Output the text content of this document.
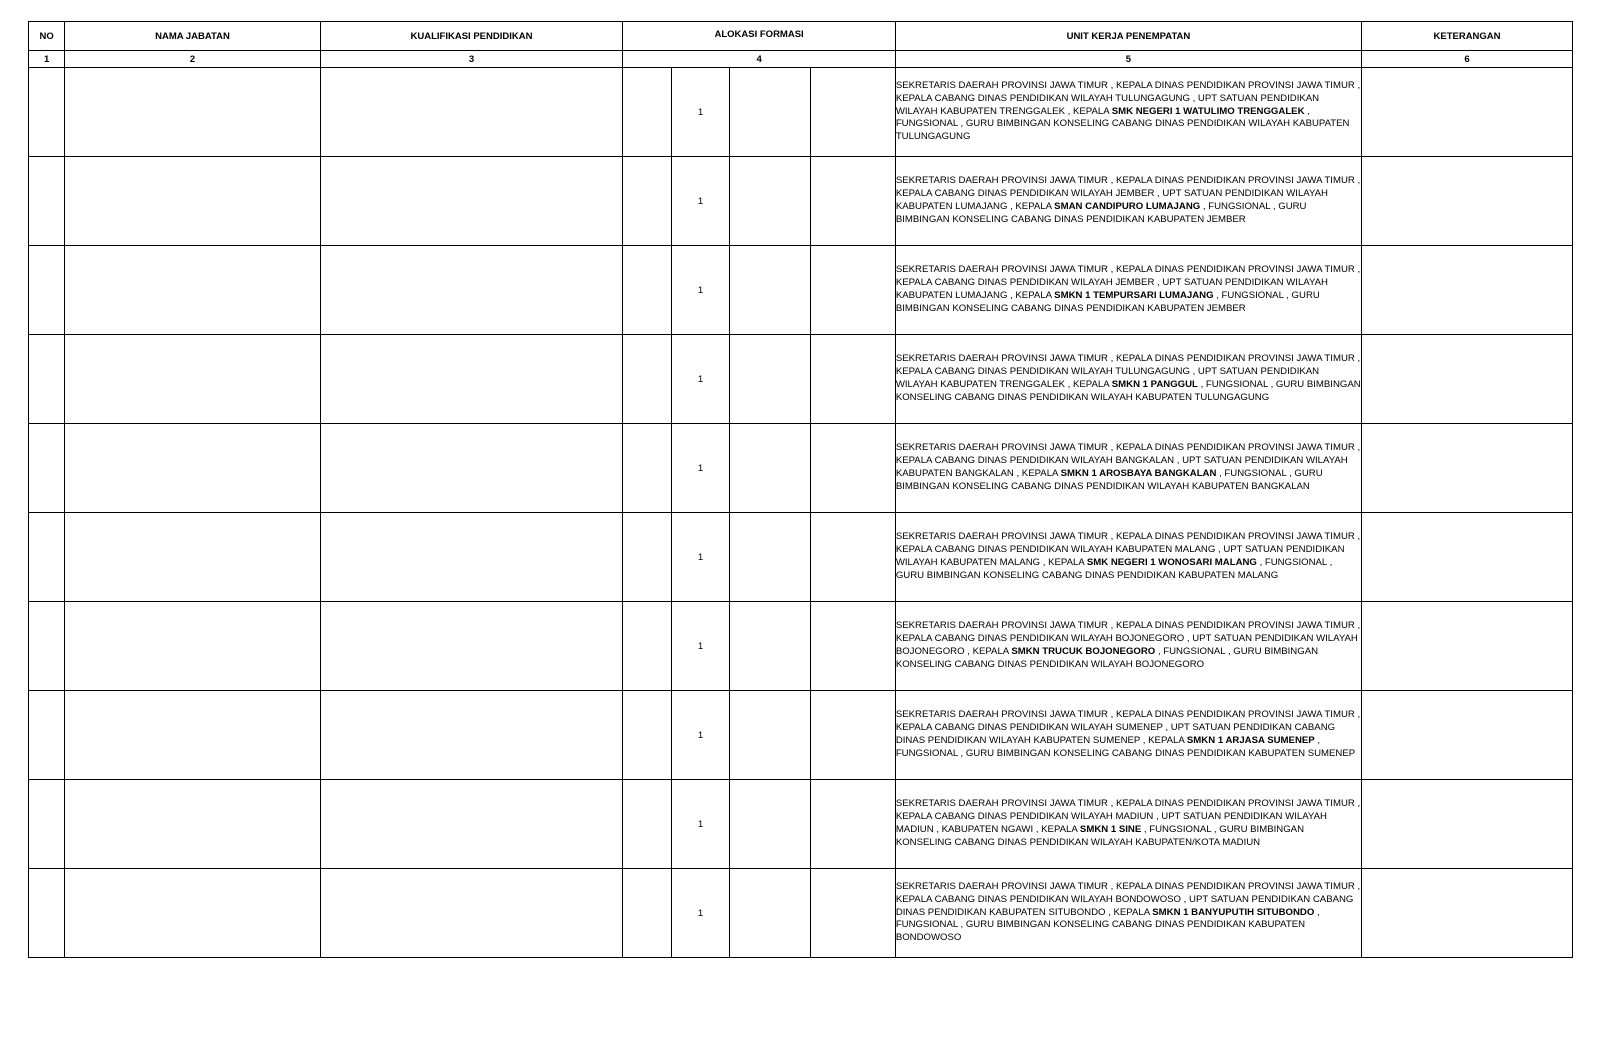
NO	NAMA JABATAN	KUALIFIKASI PENDIDIKAN	ALOKASI FORMASI				UNIT KERJA PENEMPATAN	KETERANGAN
1	2	3	4				5	6
				1			SEKRETARIS DAERAH PROVINSI JAWA TIMUR , KEPALA DINAS PENDIDIKAN PROVINSI JAWA TIMUR , KEPALA CABANG DINAS PENDIDIKAN WILAYAH TULUNGAGUNG , UPT SATUAN PENDIDIKAN WILAYAH KABUPATEN TRENGGALEK , KEPALA SMK NEGERI 1 WATULIMO TRENGGALEK , FUNGSIONAL , GURU BIMBINGAN KONSELING CABANG DINAS PENDIDIKAN WILAYAH KABUPATEN TULUNGAGUNG	
				1			SEKRETARIS DAERAH PROVINSI JAWA TIMUR , KEPALA DINAS PENDIDIKAN PROVINSI JAWA TIMUR , KEPALA CABANG DINAS PENDIDIKAN WILAYAH JEMBER , UPT SATUAN PENDIDIKAN WILAYAH KABUPATEN LUMAJANG , KEPALA SMAN CANDIPURO LUMAJANG , FUNGSIONAL , GURU BIMBINGAN KONSELING CABANG DINAS PENDIDIKAN KABUPATEN JEMBER	
				1			SEKRETARIS DAERAH PROVINSI JAWA TIMUR , KEPALA DINAS PENDIDIKAN PROVINSI JAWA TIMUR , KEPALA CABANG DINAS PENDIDIKAN WILAYAH JEMBER , UPT SATUAN PENDIDIKAN WILAYAH KABUPATEN LUMAJANG , KEPALA SMKN 1 TEMPURSARI LUMAJANG , FUNGSIONAL , GURU BIMBINGAN KONSELING CABANG DINAS PENDIDIKAN KABUPATEN JEMBER	
				1			SEKRETARIS DAERAH PROVINSI JAWA TIMUR , KEPALA DINAS PENDIDIKAN PROVINSI JAWA TIMUR , KEPALA CABANG DINAS PENDIDIKAN WILAYAH TULUNGAGUNG , UPT SATUAN PENDIDIKAN WILAYAH KABUPATEN TRENGGALEK , KEPALA SMKN 1 PANGGUL , FUNGSIONAL , GURU BIMBINGAN KONSELING CABANG DINAS PENDIDIKAN WILAYAH KABUPATEN TULUNGAGUNG	
				1			SEKRETARIS DAERAH PROVINSI JAWA TIMUR , KEPALA DINAS PENDIDIKAN PROVINSI JAWA TIMUR , KEPALA CABANG DINAS PENDIDIKAN WILAYAH BANGKALAN , UPT SATUAN PENDIDIKAN WILAYAH KABUPATEN BANGKALAN , KEPALA SMKN 1 AROSBAYA BANGKALAN , FUNGSIONAL , GURU BIMBINGAN KONSELING CABANG DINAS PENDIDIKAN WILAYAH KABUPATEN BANGKALAN	
				1			SEKRETARIS DAERAH PROVINSI JAWA TIMUR , KEPALA DINAS PENDIDIKAN PROVINSI JAWA TIMUR , KEPALA CABANG DINAS PENDIDIKAN WILAYAH KABUPATEN MALANG , UPT SATUAN PENDIDIKAN WILAYAH KABUPATEN MALANG , KEPALA SMK NEGERI 1 WONOSARI MALANG , FUNGSIONAL , GURU BIMBINGAN KONSELING CABANG DINAS PENDIDIKAN KABUPATEN MALANG	
				1			SEKRETARIS DAERAH PROVINSI JAWA TIMUR , KEPALA DINAS PENDIDIKAN PROVINSI JAWA TIMUR , KEPALA CABANG DINAS PENDIDIKAN WILAYAH BOJONEGORO , UPT SATUAN PENDIDIKAN WILAYAH BOJONEGORO , KEPALA SMKN TRUCUK BOJONEGORO , FUNGSIONAL , GURU BIMBINGAN KONSELING CABANG DINAS PENDIDIKAN WILAYAH BOJONEGORO	
				1			SEKRETARIS DAERAH PROVINSI JAWA TIMUR , KEPALA DINAS PENDIDIKAN PROVINSI JAWA TIMUR , KEPALA CABANG DINAS PENDIDIKAN WILAYAH SUMENEP , UPT SATUAN PENDIDIKAN CABANG DINAS PENDIDIKAN WILAYAH KABUPATEN SUMENEP , KEPALA SMKN 1 ARJASA SUMENEP , FUNGSIONAL , GURU BIMBINGAN KONSELING CABANG DINAS PENDIDIKAN KABUPATEN SUMENEP	
				1			SEKRETARIS DAERAH PROVINSI JAWA TIMUR , KEPALA DINAS PENDIDIKAN PROVINSI JAWA TIMUR , KEPALA CABANG DINAS PENDIDIKAN WILAYAH MADIUN , UPT SATUAN PENDIDIKAN WILAYAH MADIUN , KABUPATEN NGAWI , KEPALA SMKN 1 SINE , FUNGSIONAL , GURU BIMBINGAN KONSELING CABANG DINAS PENDIDIKAN WILAYAH KABUPATEN/KOTA MADIUN	
				1			SEKRETARIS DAERAH PROVINSI JAWA TIMUR , KEPALA DINAS PENDIDIKAN PROVINSI JAWA TIMUR , KEPALA CABANG DINAS PENDIDIKAN WILAYAH BONDOWOSO , UPT SATUAN PENDIDIKAN CABANG DINAS PENDIDIKAN KABUPATEN SITUBONDO , KEPALA SMKN 1 BANYUPUTIH SITUBONDO , FUNGSIONAL , GURU BIMBINGAN KONSELING CABANG DINAS PENDIDIKAN KABUPATEN BONDOWOSO	
